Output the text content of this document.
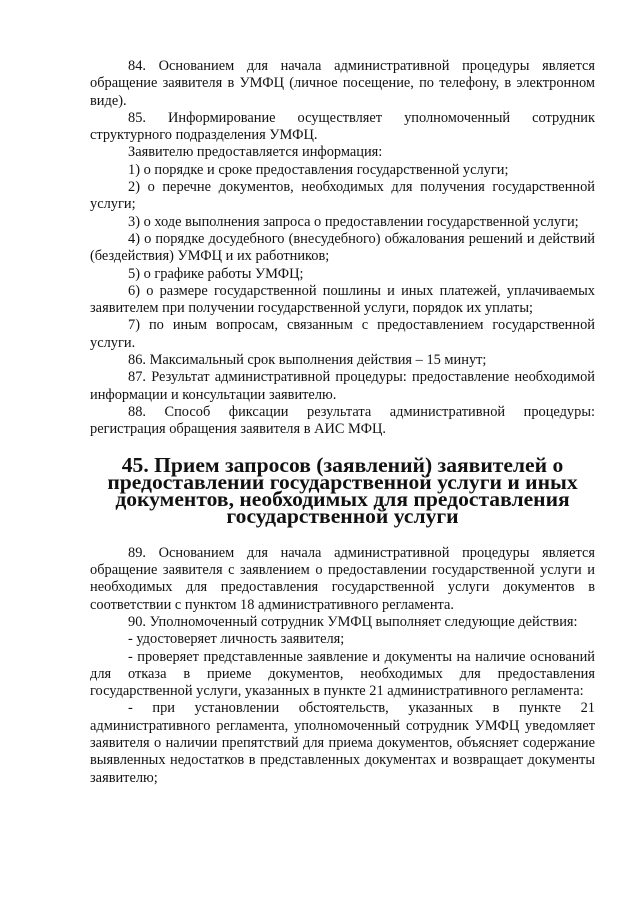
84. Основанием для начала административной процедуры является обращение заявителя в УМФЦ (личное посещение, по телефону, в электронном виде).

85. Информирование осуществляет уполномоченный сотрудник структурного подразделения УМФЦ.

Заявителю предоставляется информация:

1) о порядке и сроке предоставления государственной услуги;

2) о перечне документов, необходимых для получения государственной услуги;

3) о ходе выполнения запроса о предоставлении государственной услуги;

4) о порядке досудебного (внесудебного) обжалования решений и действий (бездействия) УМФЦ и их работников;

5) о графике работы УМФЦ;

6) о размере государственной пошлины и иных платежей, уплачиваемых заявителем при получении государственной услуги, порядок их уплаты;

7) по иным вопросам, связанным с предоставлением государственной услуги.

86. Максимальный срок выполнения действия – 15 минут;

87. Результат административной процедуры: предоставление необходимой информации и консультации заявителю.

88. Способ фиксации результата административной процедуры: регистрация обращения заявителя в АИС МФЦ.

45. Прием запросов (заявлений) заявителей о предоставлении государственной услуги и иных документов, необходимых для предоставления государственной услуги

89. Основанием для начала административной процедуры является обращение заявителя с заявлением о предоставлении государственной услуги и необходимых для предоставления государственной услуги документов в соответствии с пунктом 18 административного регламента.

90. Уполномоченный сотрудник УМФЦ выполняет следующие действия:

- удостоверяет личность заявителя;

- проверяет представленные заявление и документы на наличие оснований для отказа в приеме документов, необходимых для предоставления государственной услуги, указанных в пункте 21 административного регламента:

- при установлении обстоятельств, указанных в пункте 21 административного регламента, уполномоченный сотрудник УМФЦ уведомляет заявителя о наличии препятствий для приема документов, объясняет содержание выявленных недостатков в представленных документах и возвращает документы заявителю;
